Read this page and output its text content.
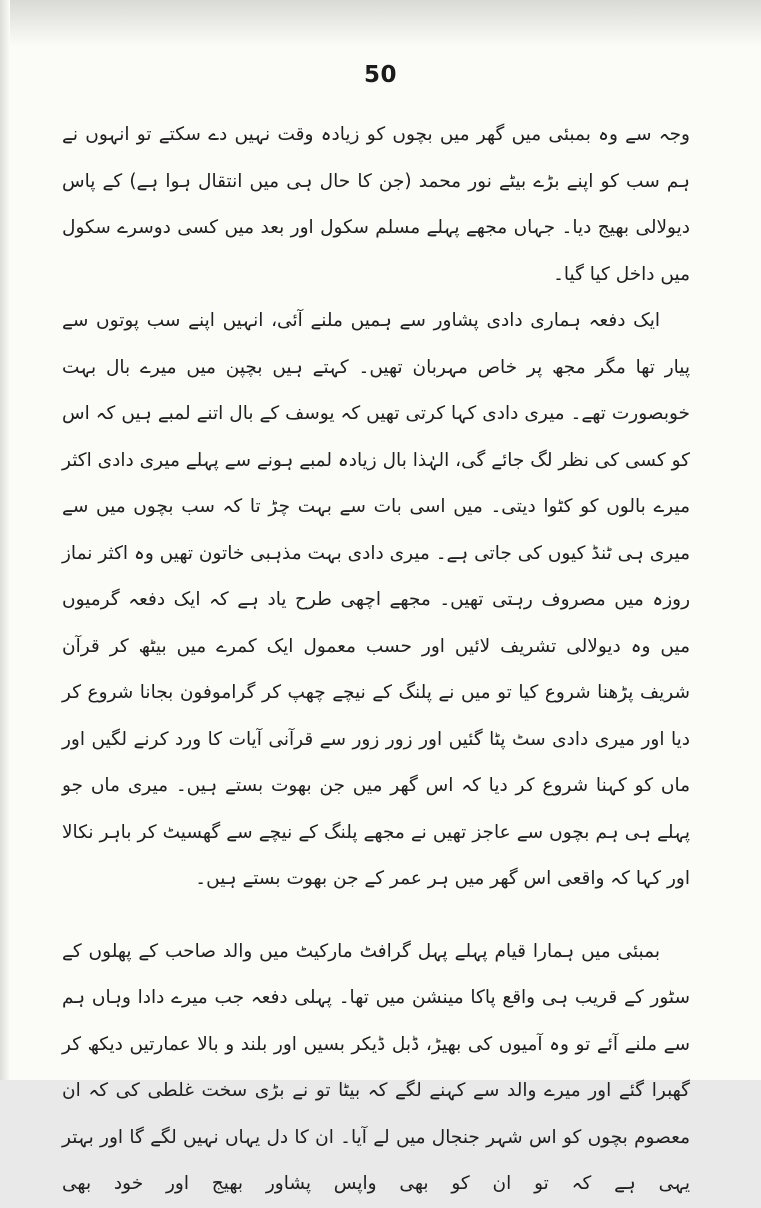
50

وجہ سے وہ بمبئی میں گھر میں بچوں کو زیادہ وقت نہیں دے سکتے تو انہوں نے ہم سب کو اپنے بڑے بیٹے نور محمد (جن کا حال ہی میں انتقال ہوا ہے) کے پاس دیولالی بھیج دیا۔ جہاں مجھے پہلے مسلم سکول اور بعد میں کسی دوسرے سکول میں داخل کیا گیا۔

ایک دفعہ ہماری دادی پشاور سے ہمیں ملنے آئی، انہیں اپنے سب پوتوں سے پیار تھا مگر مجھ پر خاص مہربان تھیں۔ کہتے ہیں بچپن میں میرے بال بہت خوبصورت تھے۔ میری دادی کہا کرتی تھیں کہ یوسف کے بال اتنے لمبے ہیں کہ اس کو کسی کی نظر لگ جائے گی، الہٰذا بال زیادہ لمبے ہونے سے پہلے میری دادی اکثر میرے بالوں کو کٹوا دیتی۔ میں اسی بات سے بہت چڑ تا کہ سب بچوں میں سے میری ہی ٹنڈ کیوں کی جاتی ہے۔ میری دادی بہت مذہبی خاتون تھیں وہ اکثر نماز روزہ میں مصروف رہتی تھیں۔ مجھے اچھی طرح یاد ہے کہ ایک دفعہ گرمیوں میں وہ دیولالی تشریف لائیں اور حسب معمول ایک کمرے میں بیٹھ کر قرآن شریف پڑھنا شروع کیا تو میں نے پلنگ کے نیچے چھپ کر گراموفون بجانا شروع کر دیا اور میری دادی سٹ پٹا گئیں اور زور زور سے قرآنی آیات کا ورد کرنے لگیں اور ماں کو کہنا شروع کر دیا کہ اس گھر میں جن بھوت بستے ہیں۔ میری ماں جو پہلے ہی ہم بچوں سے عاجز تھیں نے مجھے پلنگ کے نیچے سے گھسیٹ کر باہر نکالا اور کہا کہ واقعی اس گھر میں ہر عمر کے جن بھوت بستے ہیں۔

بمبئی میں ہمارا قیام پہلے پہل گرافٹ مارکیٹ میں والد صاحب کے پھلوں کے سٹور کے قریب ہی واقع پاکا مینشن میں تھا۔ پہلی دفعہ جب میرے دادا وہاں ہم سے ملنے آئے تو وہ آمیوں کی بھیڑ، ڈبل ڈیکر بسیں اور بلند و بالا عمارتیں دیکھ کر گھبرا گئے اور میرے والد سے کہنے لگے کہ بیٹا تو نے بڑی سخت غلطی کی کہ ان معصوم بچوں کو اس شہر جنجال میں لے آیا۔ ان کا دل یہاں نہیں لگے گا اور بہتر یہی ہے کہ تو ان کو بھی واپس پشاور بھیج اور خود بھی
